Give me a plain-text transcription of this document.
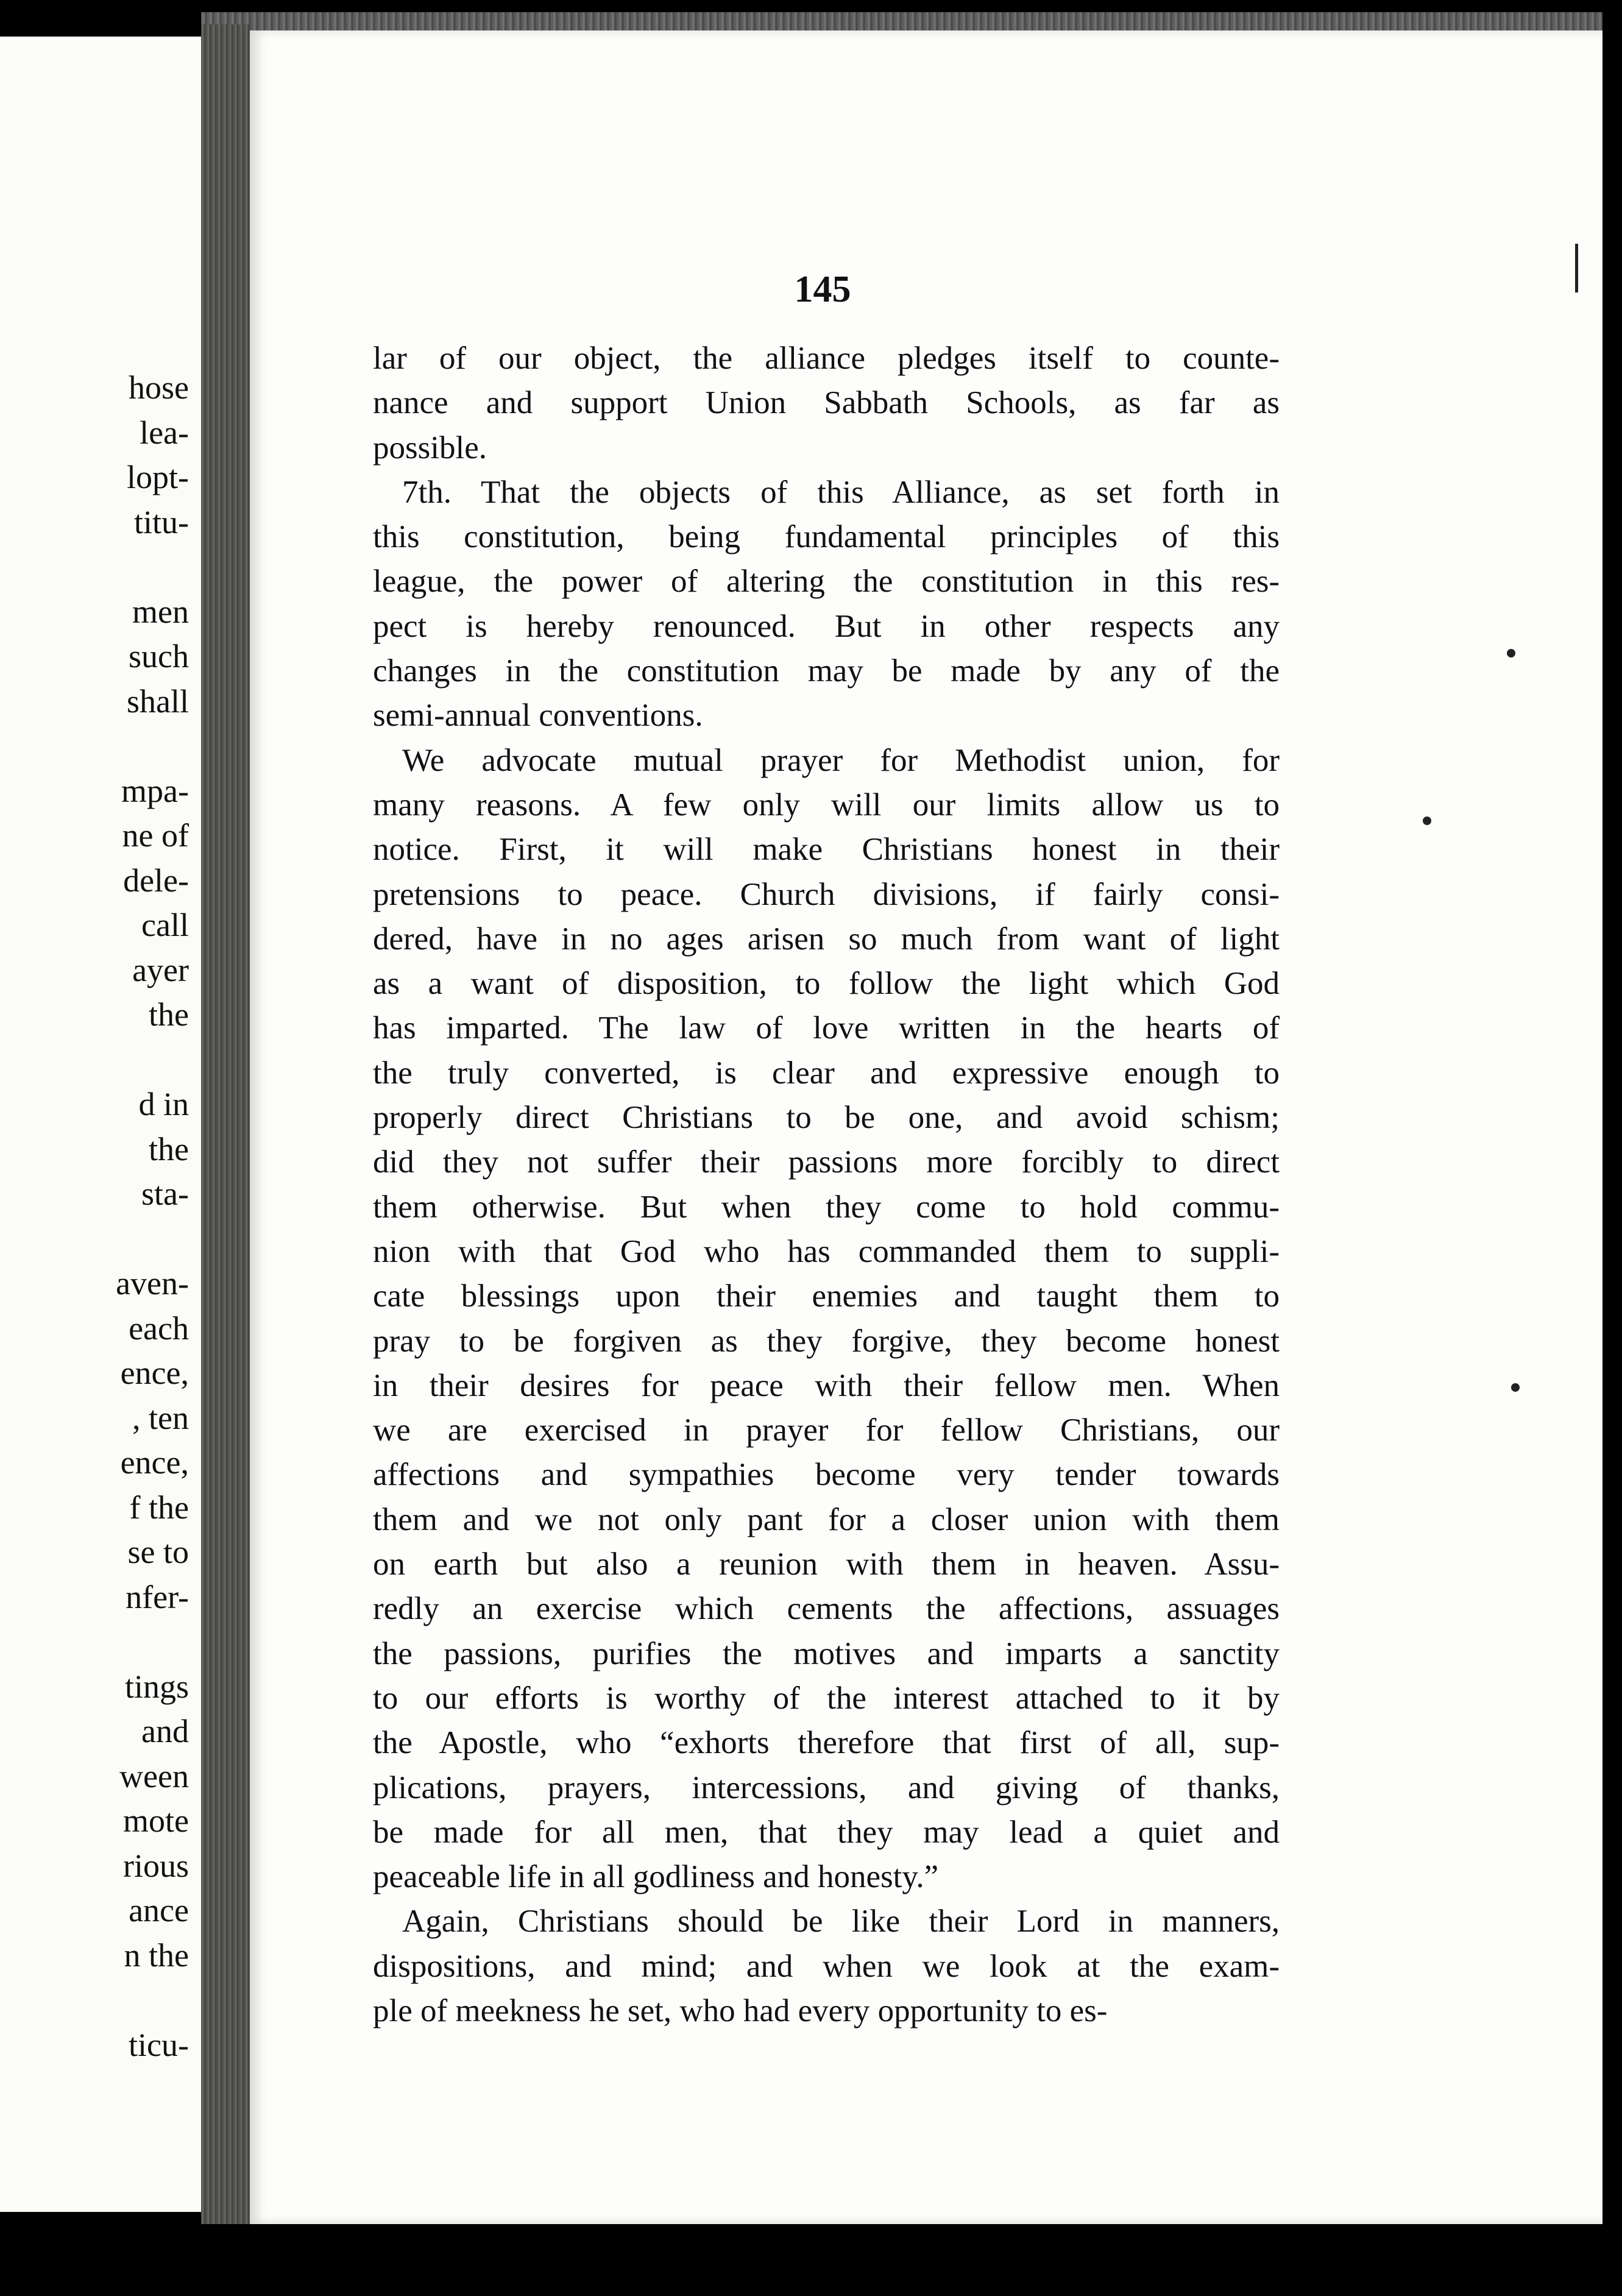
hose
lea-
lopt-
titu-
men
such
shall
mpa-
ne of
dele-
call
ayer
the
d in
the
sta-
aven-
each
ence,
, ten
ence,
f the
se to
nfer-
tings
and
ween
mote
rious
ance
n the
ticu-
145
lar of our object, the alliance pledges itself to counte-
nance and support Union Sabbath Schools, as far as
possible.
7th. That the objects of this Alliance, as set forth in
this constitution, being fundamental principles of this
league, the power of altering the constitution in this res-
pect is hereby renounced. But in other respects any
changes in the constitution may be made by any of the
semi-annual conventions.
We advocate mutual prayer for Methodist union, for
many reasons. A few only will our limits allow us to
notice. First, it will make Christians honest in their
pretensions to peace. Church divisions, if fairly consi-
dered, have in no ages arisen so much from want of light
as a want of disposition, to follow the light which God
has imparted. The law of love written in the hearts of
the truly converted, is clear and expressive enough to
properly direct Christians to be one, and avoid schism;
did they not suffer their passions more forcibly to direct
them otherwise. But when they come to hold commu-
nion with that God who has commanded them to suppli-
cate blessings upon their enemies and taught them to
pray to be forgiven as they forgive, they become honest
in their desires for peace with their fellow men. When
we are exercised in prayer for fellow Christians, our
affections and sympathies become very tender towards
them and we not only pant for a closer union with them
on earth but also a reunion with them in heaven. Assu-
redly an exercise which cements the affections, assuages
the passions, purifies the motives and imparts a sanctity
to our efforts is worthy of the interest attached to it by
the Apostle, who “exhorts therefore that first of all, sup-
plications, prayers, intercessions, and giving of thanks,
be made for all men, that they may lead a quiet and
peaceable life in all godliness and honesty.”
Again, Christians should be like their Lord in manners,
dispositions, and mind; and when we look at the exam-
ple of meekness he set, who had every opportunity to es-
